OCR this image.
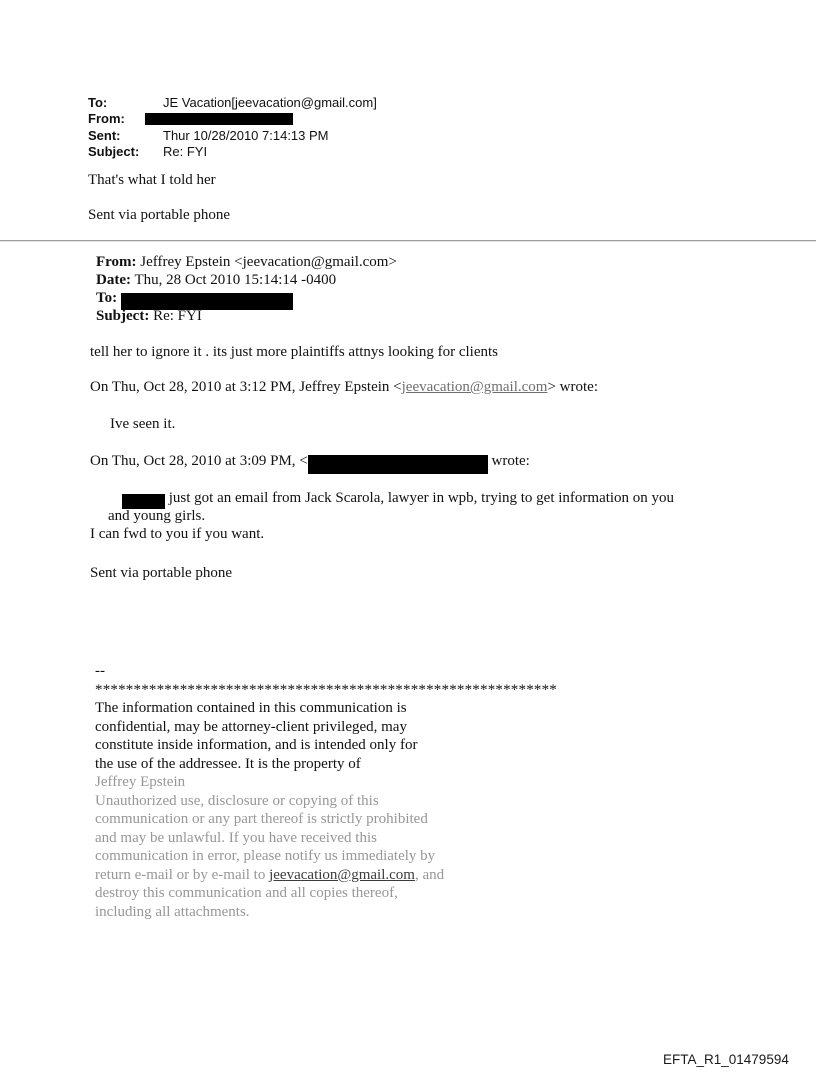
To:	JE Vacation[jeevacation@gmail.com]
From:
Sent:	Thur 10/28/2010 7:14:13 PM
Subject:	Re: FYI
That's what I told her
Sent via portable phone
From: Jeffrey Epstein <jeevacation@gmail.com>
Date: Thu, 28 Oct 2010 15:14:14 -0400
To:
Subject: Re: FYI
tell her to ignore it . its just more plaintiffs attnys looking for clients
On Thu, Oct 28, 2010 at 3:12 PM, Jeffrey Epstein <jeevacation@gmail.com> wrote:
Ive seen it.
On Thu, Oct 28, 2010 at 3:09 PM, <	wrote:
just got an email from Jack Scarola, lawyer in wpb, trying to get information on you
and young girls.
I can fwd to you if you want.
Sent via portable phone
--
************************************************************
The information contained in this communication is
confidential, may be attorney-client privileged, may
constitute inside information, and is intended only for
the use of the addressee. It is the property of
Jeffrey Epstein
Unauthorized use, disclosure or copying of this
communication or any part thereof is strictly prohibited
and may be unlawful. If you have received this
communication in error, please notify us immediately by
return e-mail or by e-mail to jeevacation@gmail.com, and
destroy this communication and all copies thereof,
including all attachments.
EFTA_R1_01479594
